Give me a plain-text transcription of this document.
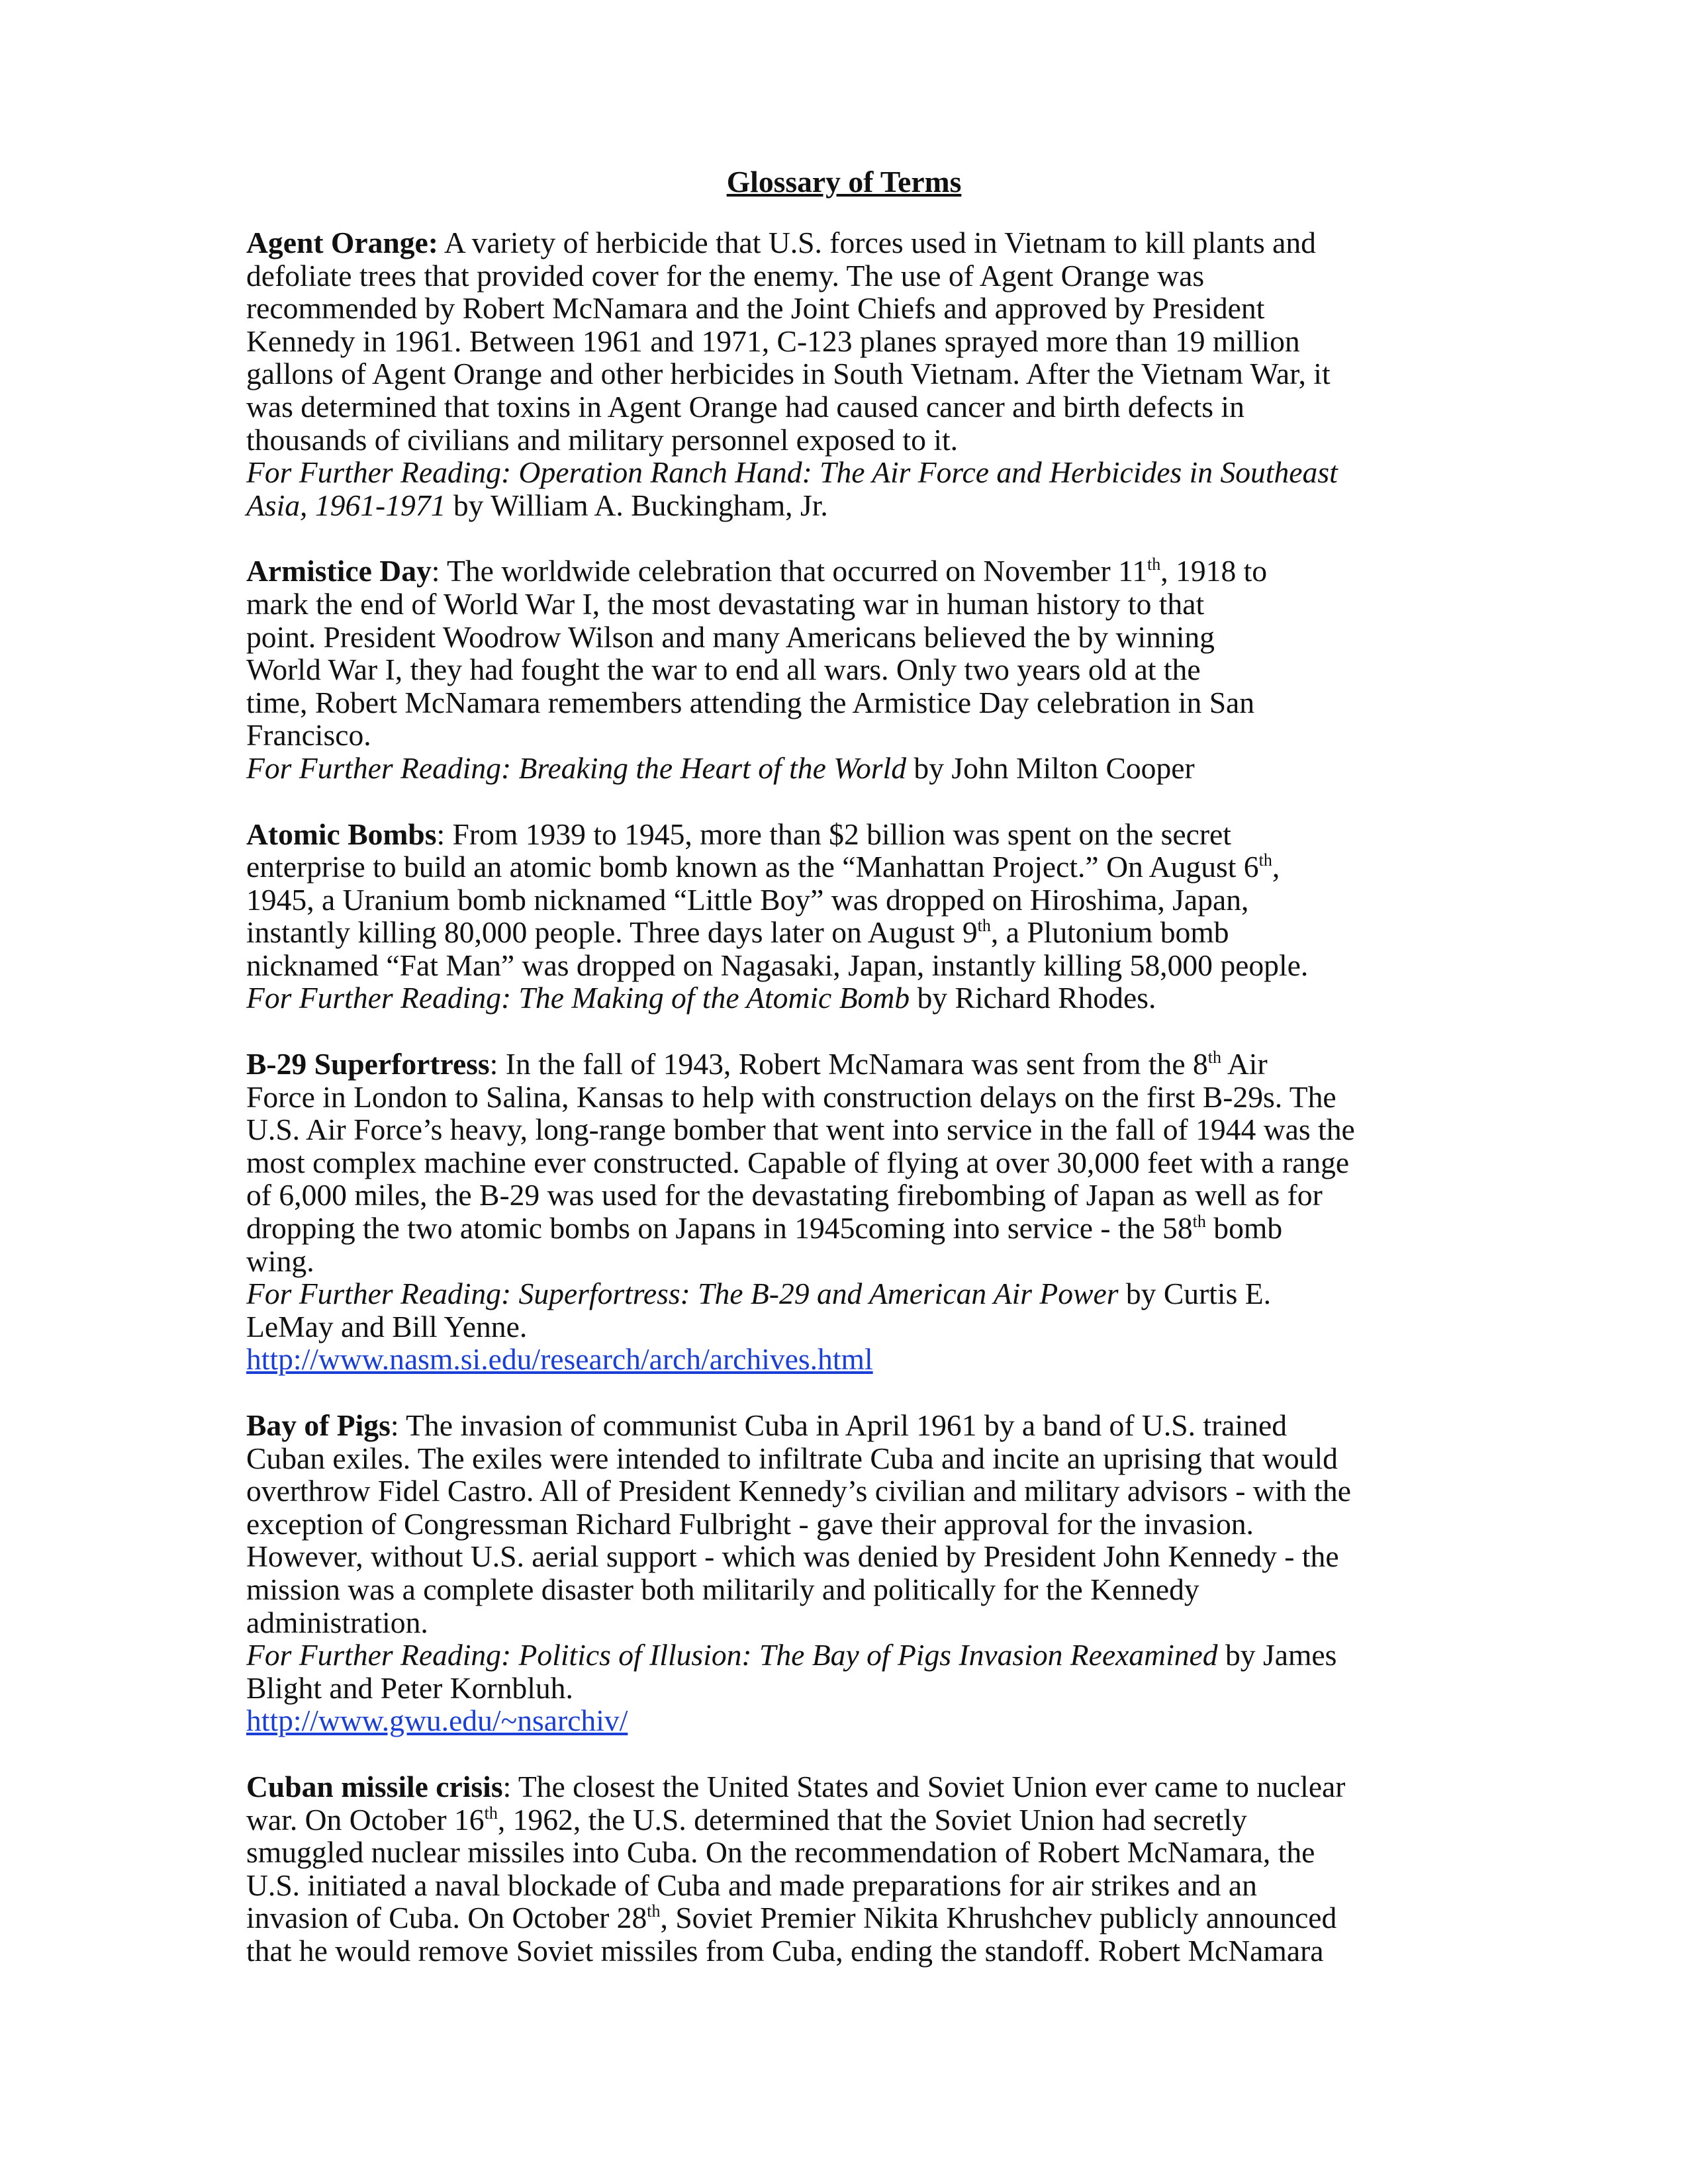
Glossary of Terms
Agent Orange: A variety of herbicide that U.S. forces used in Vietnam to kill plants and
defoliate trees that provided cover for the enemy. The use of Agent Orange was
recommended by Robert McNamara and the Joint Chiefs and approved by President
Kennedy in 1961. Between 1961 and 1971, C-123 planes sprayed more than 19 million
gallons of Agent Orange and other herbicides in South Vietnam. After the Vietnam War, it
was determined that toxins in Agent Orange had caused cancer and birth defects in
thousands of civilians and military personnel exposed to it.
For Further Reading: Operation Ranch Hand: The Air Force and Herbicides in Southeast
Asia, 1961-1971 by William A. Buckingham, Jr.
Armistice Day: The worldwide celebration that occurred on November 11th, 1918 to
mark the end of World War I, the most devastating war in human history to that
point. President Woodrow Wilson and many Americans believed the by winning
World War I, they had fought the war to end all wars. Only two years old at the
time, Robert McNamara remembers attending the Armistice Day celebration in San
Francisco.
For Further Reading: Breaking the Heart of the World by John Milton Cooper
Atomic Bombs: From 1939 to 1945, more than $2 billion was spent on the secret
enterprise to build an atomic bomb known as the “Manhattan Project.” On August 6th,
1945, a Uranium bomb nicknamed “Little Boy” was dropped on Hiroshima, Japan,
instantly killing 80,000 people. Three days later on August 9th, a Plutonium bomb
nicknamed “Fat Man” was dropped on Nagasaki, Japan, instantly killing 58,000 people.
For Further Reading: The Making of the Atomic Bomb by Richard Rhodes.
B-29 Superfortress: In the fall of 1943, Robert McNamara was sent from the 8th Air
Force in London to Salina, Kansas to help with construction delays on the first B-29s. The
U.S. Air Force’s heavy, long-range bomber that went into service in the fall of 1944 was the
most complex machine ever constructed. Capable of flying at over 30,000 feet with a range
of 6,000 miles, the B-29 was used for the devastating firebombing of Japan as well as for
dropping the two atomic bombs on Japans in 1945coming into service - the 58th bomb
wing.
For Further Reading: Superfortress: The B-29 and American Air Power by Curtis E.
LeMay and Bill Yenne.
http://www.nasm.si.edu/research/arch/archives.html
Bay of Pigs: The invasion of communist Cuba in April 1961 by a band of U.S. trained
Cuban exiles. The exiles were intended to infiltrate Cuba and incite an uprising that would
overthrow Fidel Castro. All of President Kennedy’s civilian and military advisors - with the
exception of Congressman Richard Fulbright - gave their approval for the invasion.
However, without U.S. aerial support - which was denied by President John Kennedy - the
mission was a complete disaster both militarily and politically for the Kennedy
administration.
For Further Reading: Politics of Illusion: The Bay of Pigs Invasion Reexamined by James
Blight and Peter Kornbluh.
http://www.gwu.edu/~nsarchiv/
Cuban missile crisis: The closest the United States and Soviet Union ever came to nuclear
war. On October 16th, 1962, the U.S. determined that the Soviet Union had secretly
smuggled nuclear missiles into Cuba. On the recommendation of Robert McNamara, the
U.S. initiated a naval blockade of Cuba and made preparations for air strikes and an
invasion of Cuba. On October 28th, Soviet Premier Nikita Khrushchev publicly announced
that he would remove Soviet missiles from Cuba, ending the standoff. Robert McNamara
